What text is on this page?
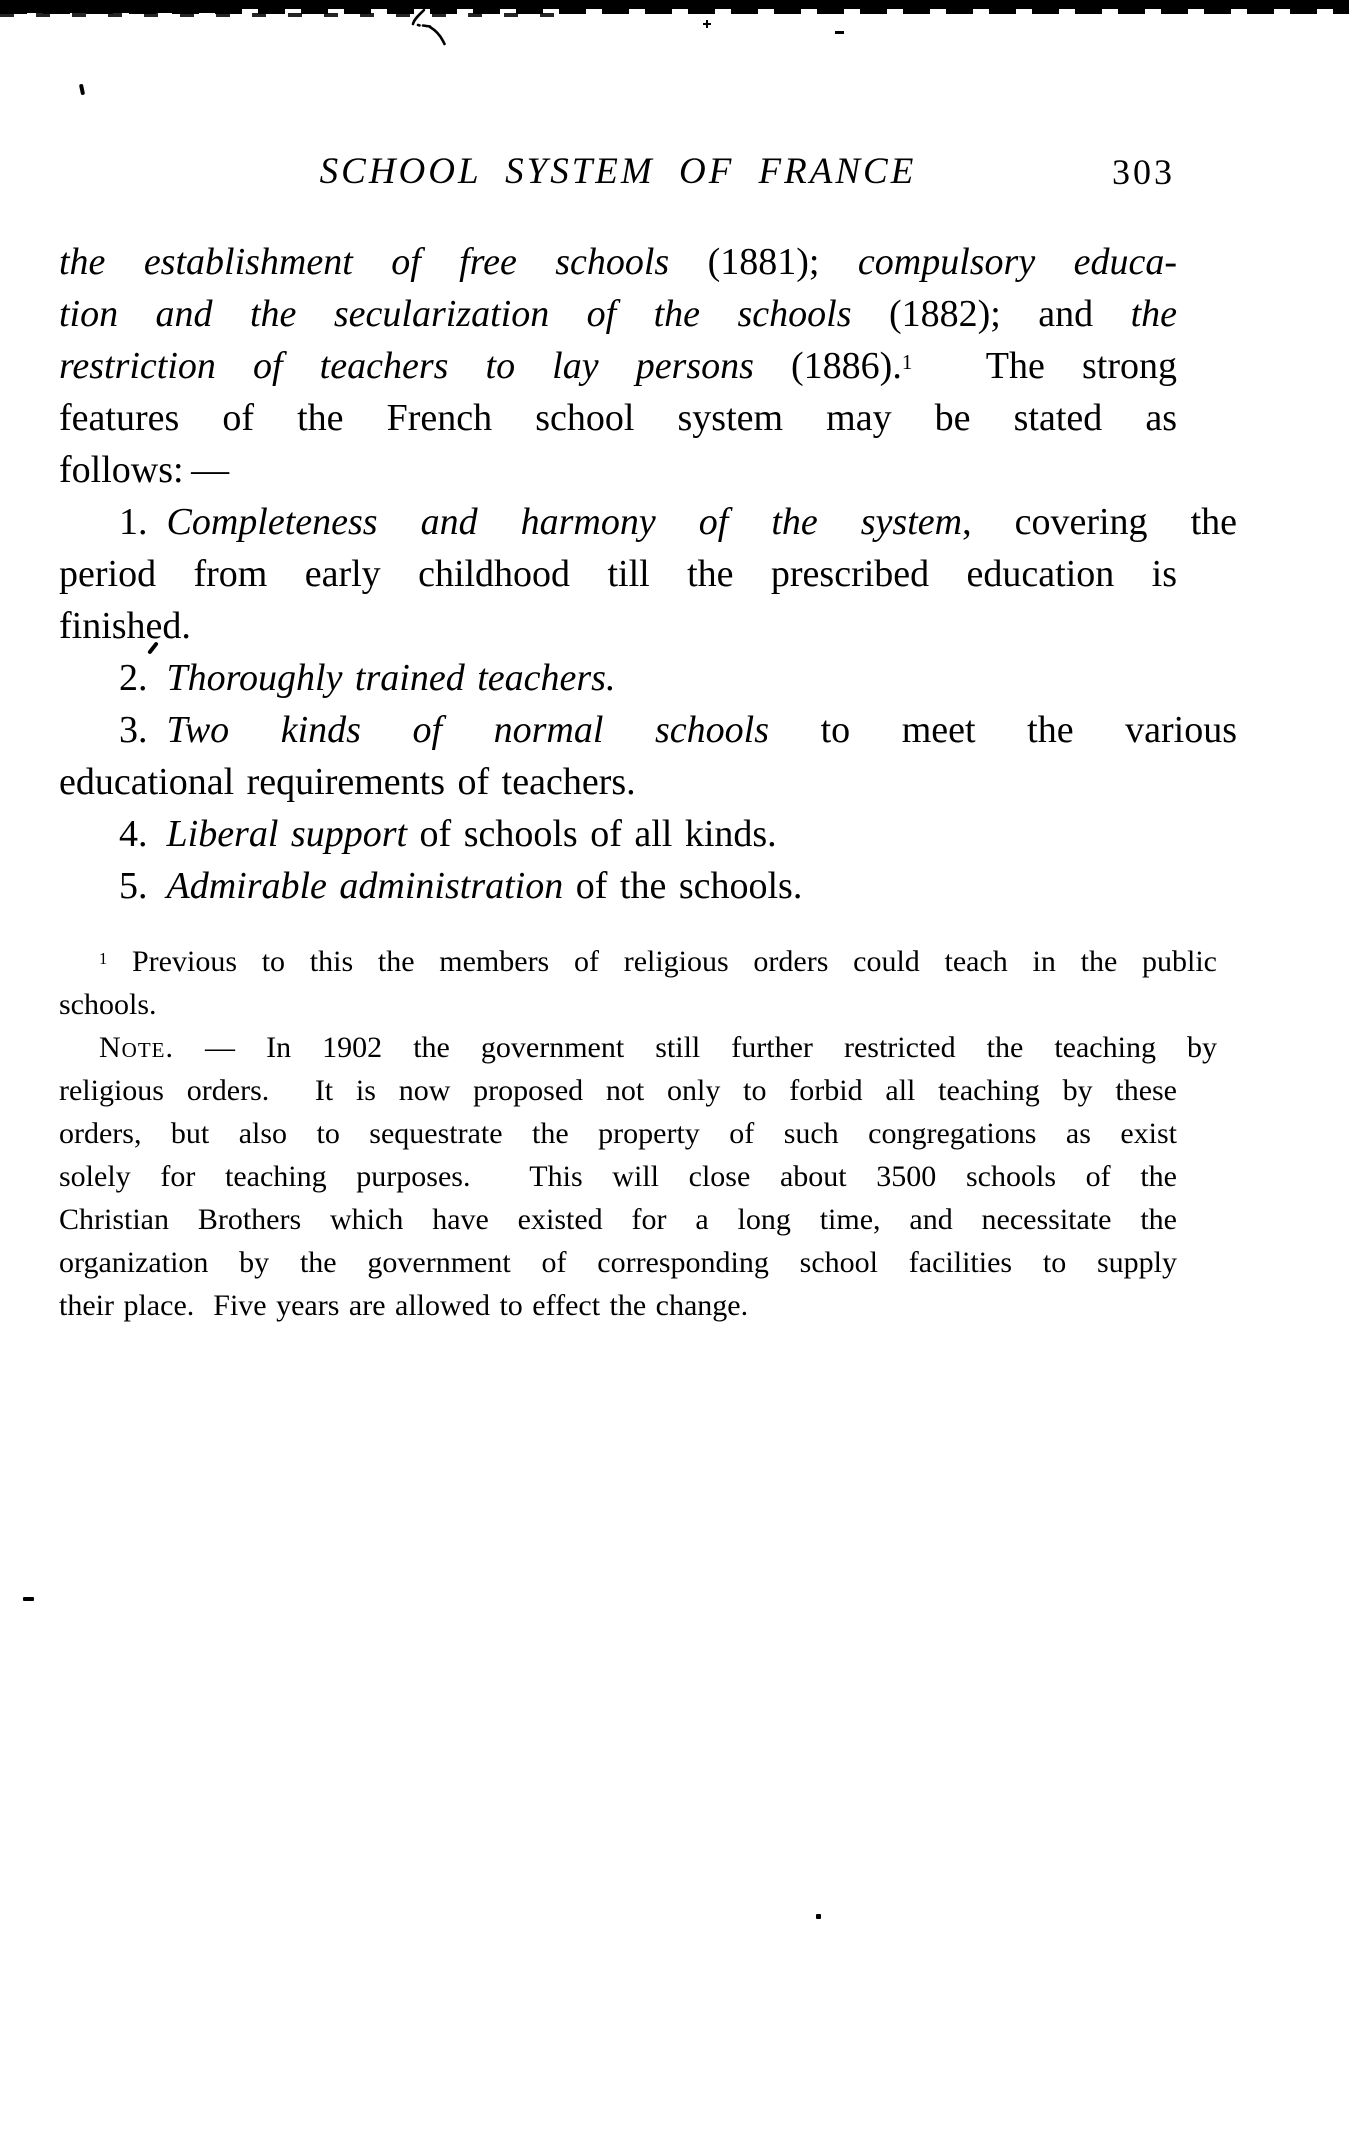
SCHOOL SYSTEM OF FRANCE	303
the establishment of free schools (1881); compulsory educa-
tion and the secularization of the schools (1882); and the
restriction of teachers to lay persons (1886).$^1$  The strong
features of the French school system may be stated as
follows: —
1. Completeness and harmony of the system, covering the
period from early childhood till the prescribed education is
finished.
2. Thoroughly trained teachers.
3. Two kinds of normal schools to meet the various
educational requirements of teachers.
4. Liberal support of schools of all kinds.
5. Admirable administration of the schools.
$^1$ Previous to this the members of religious orders could teach in the public
schools.
Note. — In 1902 the government still further restricted the teaching by
religious orders.  It is now proposed not only to forbid all teaching by these
orders, but also to sequestrate the property of such congregations as exist
solely for teaching purposes.  This will close about 3500 schools of the
Christian Brothers which have existed for a long time, and necessitate the
organization by the government of corresponding school facilities to supply
their place.  Five years are allowed to effect the change.
